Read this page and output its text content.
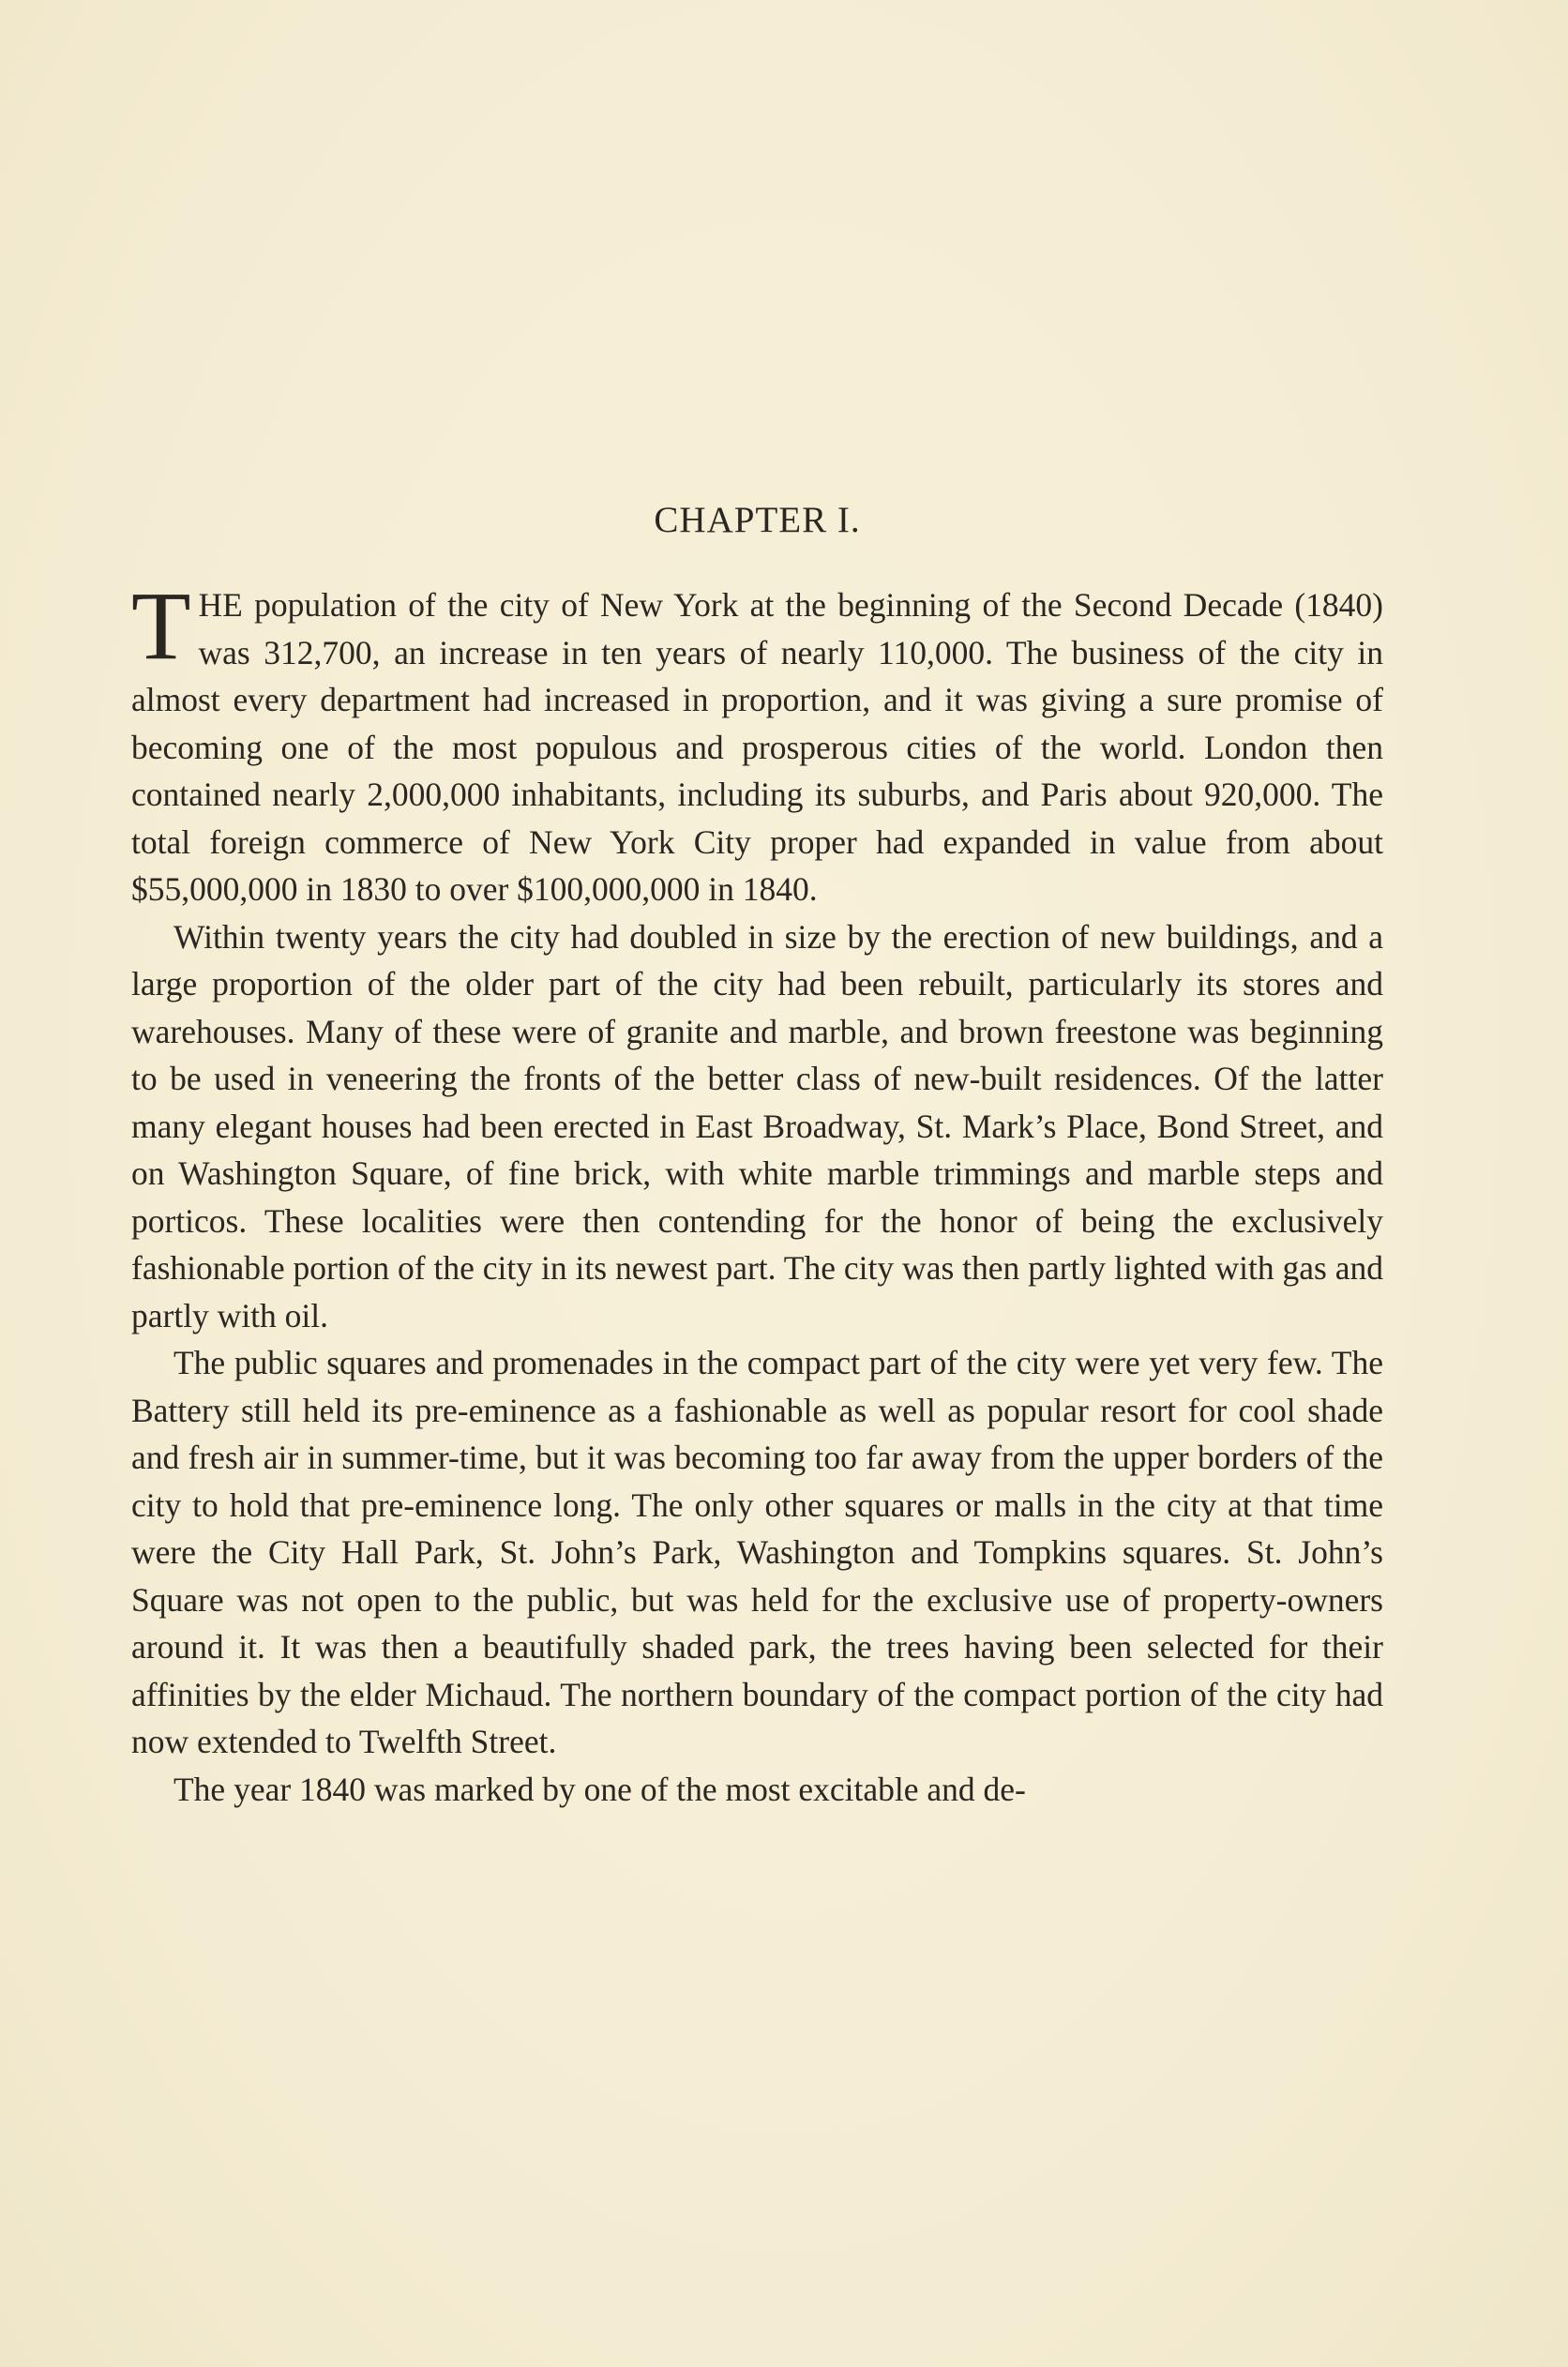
CHAPTER I.

THE population of the city of New York at the beginning of the Second Decade (1840) was 312,700, an increase in ten years of nearly 110,000. The business of the city in almost every department had increased in proportion, and it was giving a sure promise of becoming one of the most populous and prosperous cities of the world. London then contained nearly 2,000,000 inhabitants, including its suburbs, and Paris about 920,000. The total foreign commerce of New York City proper had expanded in value from about $55,000,000 in 1830 to over $100,000,000 in 1840.

Within twenty years the city had doubled in size by the erection of new buildings, and a large proportion of the older part of the city had been rebuilt, particularly its stores and warehouses. Many of these were of granite and marble, and brown freestone was beginning to be used in veneering the fronts of the better class of new-built residences. Of the latter many elegant houses had been erected in East Broadway, St. Mark’s Place, Bond Street, and on Washington Square, of fine brick, with white marble trimmings and marble steps and porticos. These localities were then contending for the honor of being the exclusively fashionable portion of the city in its newest part. The city was then partly lighted with gas and partly with oil.

The public squares and promenades in the compact part of the city were yet very few. The Battery still held its pre-eminence as a fashionable as well as popular resort for cool shade and fresh air in summer-time, but it was becoming too far away from the upper borders of the city to hold that pre-eminence long. The only other squares or malls in the city at that time were the City Hall Park, St. John’s Park, Washington and Tompkins squares. St. John’s Square was not open to the public, but was held for the exclusive use of property-owners around it. It was then a beautifully shaded park, the trees having been selected for their affinities by the elder Michaud. The northern boundary of the compact portion of the city had now extended to Twelfth Street.

The year 1840 was marked by one of the most excitable and de-
